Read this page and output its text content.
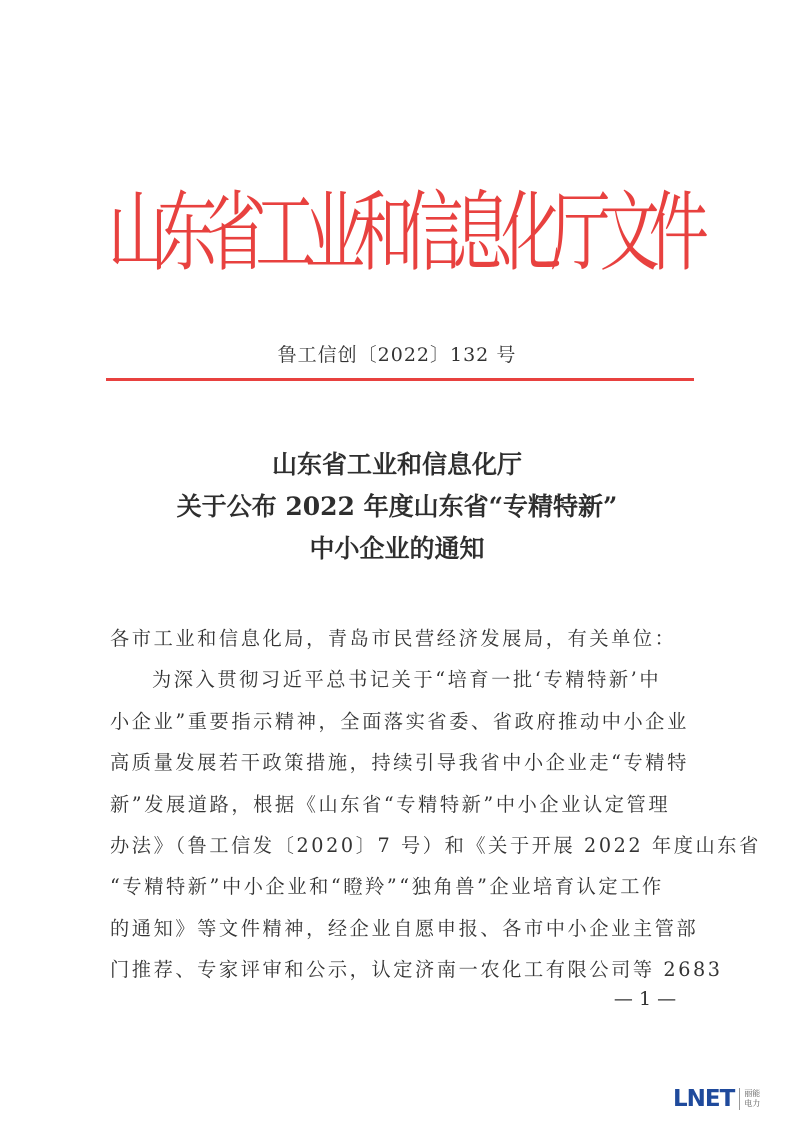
山
东
省
工
业
和
信
息
化
厅
文
件
鲁工信创〔2022〕132 号
山东省工业和信息化厅
关于公布 2022 年度山东省“专精特新”
中小企业的通知
各市工业和信息化局，青岛市民营经济发展局，有关单位：
为深入贯彻习近平总书记关于“培育一批‘专精特新’中
小企业”重要指示精神，全面落实省委、省政府推动中小企业
高质量发展若干政策措施，持续引导我省中小企业走“专精特
新”发展道路，根据《山东省“专精特新”中小企业认定管理
办法》（鲁工信发〔2020〕7 号）和《关于开展 2022 年度山东省
“专精特新”中小企业和“瞪羚”“独角兽”企业培育认定工作
的通知》等文件精神，经企业自愿申报、各市中小企业主管部
门推荐、专家评审和公示，认定济南一农化工有限公司等 2683
— 1 —
LNET 丽能
电力
